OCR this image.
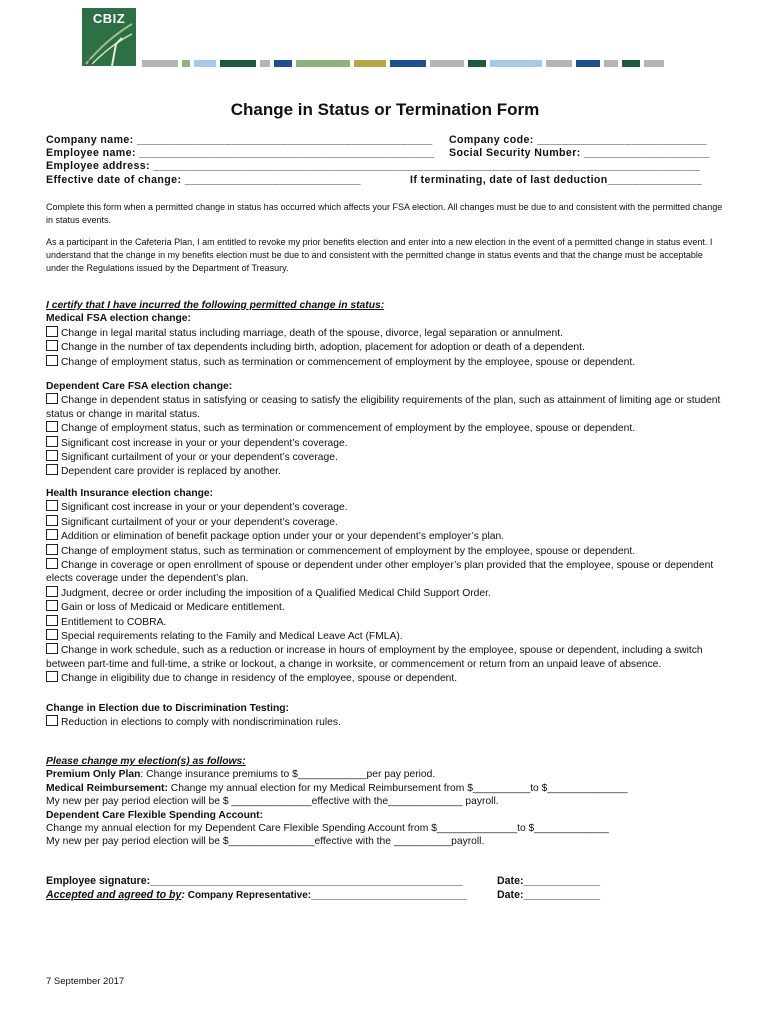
CBIZ
®
Change in Status or Termination Form
Company name: _______________________________________________ Company code: ___________________________
Employee name: _______________________________________________ Social Security Number: ____________________
Employee address: _______________________________________________________________________________________
Effective date of change: ____________________________	If terminating, date of last deduction_______________
Complete this form when a permitted change in status has occurred which affects your FSA election. All changes must be due to and consistent with the permitted change in status events.
As a participant in the Cafeteria Plan, I am entitled to revoke my prior benefits election and enter into a new election in the event of a permitted change in status event. I understand that the change in my benefits election must be due to and consistent with the permitted change in status events and that the change must be acceptable under the Regulations issued by the Department of Treasury.
I certify that I have incurred the following permitted change in status:
Medical FSA election change:
Change in legal marital status including marriage, death of the spouse, divorce, legal separation or annulment.
Change in the number of tax dependents including birth, adoption, placement for adoption or death of a dependent.
Change of employment status, such as termination or commencement of employment by the employee, spouse or dependent.
Dependent Care FSA election change:
Change in dependent status in satisfying or ceasing to satisfy the eligibility requirements of the plan, such as attainment of limiting age or student status or change in marital status.
Change of employment status, such as termination or commencement of employment by the employee, spouse or dependent.
Significant cost increase in your or your dependent’s coverage.
Significant curtailment of your or your dependent’s coverage.
Dependent care provider is replaced by another.
Health Insurance election change:
Significant cost increase in your or your dependent’s coverage.
Significant curtailment of your or your dependent’s coverage.
Addition or elimination of benefit package option under your or your dependent’s employer’s plan.
Change of employment status, such as termination or commencement of employment by the employee, spouse or dependent.
Change in coverage or open enrollment of spouse or dependent under other employer’s plan provided that the employee, spouse or dependent elects coverage under the dependent’s plan.
Judgment, decree or order including the imposition of a Qualified Medical Child Support Order.
Gain or loss of Medicaid or Medicare entitlement.
Entitlement to COBRA.
Special requirements relating to the Family and Medical Leave Act (FMLA).
Change in work schedule, such as a reduction or increase in hours of employment by the employee, spouse or dependent, including a switch between part-time and full-time, a strike or lockout, a change in worksite, or commencement or return from an unpaid leave of absence.
Change in eligibility due to change in residency of the employee, spouse or dependent.
Change in Election due to Discrimination Testing:
Reduction in elections to comply with nondiscrimination rules.
Please change my election(s) as follows:
Premium Only Plan: Change insurance premiums to $____________per pay period.
Medical Reimbursement: Change my annual election for my Medical Reimbursement from $__________to $______________
My new per pay period election will be $ ______________effective with the_____________ payroll.
Dependent Care Flexible Spending Account:
Change my annual election for my Dependent Care Flexible Spending Account from $______________to $_____________
My new per pay period election will be $_______________effective with the __________payroll.
Employee signature:_____________________________________________________	Date:_____________
Accepted and agreed to by: Company Representative:____________________________	Date:_____________
7 September 2017
